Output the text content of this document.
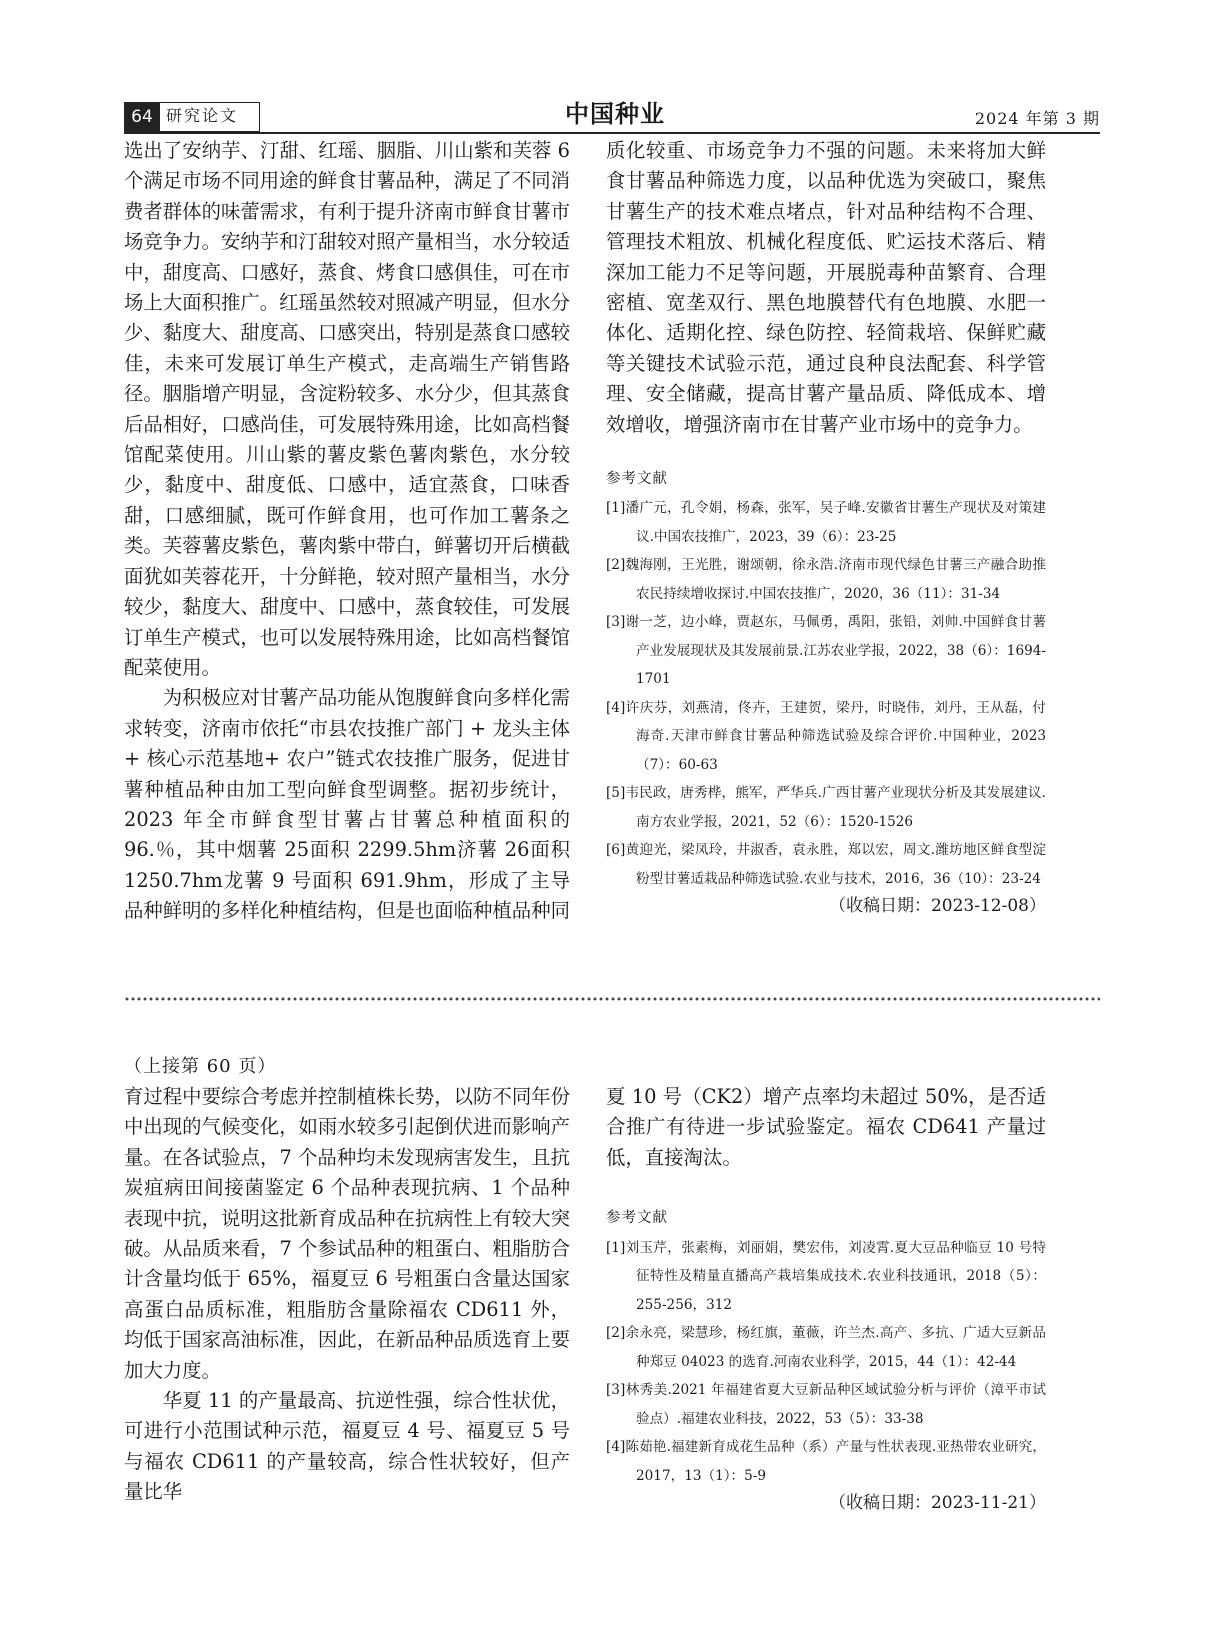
64 研究论文	中国种业	2024 年第 3 期

选出了安纳芋、汀甜、红瑶、胭脂、川山紫和芙蓉 6 个满足市场不同用途的鲜食甘薯品种，满足了不同消费者群体的味蕾需求，有利于提升济南市鲜食甘薯市场竞争力。安纳芋和汀甜较对照产量相当，水分较适中，甜度高、口感好，蒸食、烤食口感俱佳，可在市场上大面积推广。红瑶虽然较对照减产明显，但水分少、黏度大、甜度高、口感突出，特别是蒸食口感较佳，未来可发展订单生产模式，走高端生产销售路径。胭脂增产明显，含淀粉较多、水分少，但其蒸食后品相好，口感尚佳，可发展特殊用途，比如高档餐馆配菜使用。川山紫的薯皮紫色薯肉紫色，水分较少，黏度中、甜度低、口感中，适宜蒸食，口味香甜，口感细腻，既可作鲜食用，也可作加工薯条之类。芙蓉薯皮紫色，薯肉紫中带白，鲜薯切开后横截面犹如芙蓉花开，十分鲜艳，较对照产量相当，水分较少，黏度大、甜度中、口感中，蒸食较佳，可发展订单生产模式，也可以发展特殊用途，比如高档餐馆配菜使用。

为积极应对甘薯产品功能从饱腹鲜食向多样化需求转变，济南市依托“市县农技推广部门 + 龙头主体+ 核心示范基地+ 农户”链式农技推广服务，促进甘薯种植品种由加工型向鲜食型调整。据初步统计，2023 年全市鲜食型甘薯占甘薯总种植面积的 96.％，其中烟薯 25面积 2299.5hm济薯 26面积 1250.7hm龙薯 9 号面积 691.9hm，形成了主导品种鲜明的多样化种植结构，但是也面临种植品种同

质化较重、市场竞争力不强的问题。未来将加大鲜食甘薯品种筛选力度，以品种优选为突破口，聚焦甘薯生产的技术难点堵点，针对品种结构不合理、管理技术粗放、机械化程度低、贮运技术落后、精深加工能力不足等问题，开展脱毒种苗繁育、合理密植、宽垄双行、黑色地膜替代有色地膜、水肥一体化、适期化控、绿色防控、轻简栽培、保鲜贮藏等关键技术试验示范，通过良种良法配套、科学管理、安全储藏，提高甘薯产量品质、降低成本、增效增收，增强济南市在甘薯产业市场中的竞争力。

参考文献

[1]潘广元，孔令娟，杨森，张军，吴子峰.安徽省甘薯生产现状及对策建议.中国农技推广，2023，39（6）：23-25

[2]魏海刚，王光胜，谢颂朝，徐永浩.济南市现代绿色甘薯三产融合助推农民持续增收探讨.中国农技推广，2020，36（11）：31-34

[3]谢一芝，边小峰，贾赵东，马佩勇，禹阳，张铅，刘帅.中国鲜食甘薯产业发展现状及其发展前景.江苏农业学报，2022，38（6）：1694-1701

[4]许庆芬，刘燕清，佟卉，王建贺，梁丹，时晓伟，刘丹，王从磊，付海奇.天津市鲜食甘薯品种筛选试验及综合评价.中国种业，2023（7）：60-63

[5]韦民政，唐秀桦，熊军，严华兵.广西甘薯产业现状分析及其发展建议.南方农业学报，2021，52（6）：1520-1526

[6]黄迎光，梁凤玲，井淑香，袁永胜，郑以宏，周文.潍坊地区鲜食型淀粉型甘薯适栽品种筛选试验.农业与技术，2016，36（10）：23-24

（收稿日期：2023-12-08）

（上接第 60 页）

育过程中要综合考虑并控制植株长势，以防不同年份中出现的气候变化，如雨水较多引起倒伏进而影响产量。在各试验点，7 个品种均未发现病害发生，且抗炭疽病田间接菌鉴定 6 个品种表现抗病、1 个品种表现中抗，说明这批新育成品种在抗病性上有较大突破。从品质来看，7 个参试品种的粗蛋白、粗脂肪合计含量均低于 65%，福夏豆 6 号粗蛋白含量达国家高蛋白品质标准，粗脂肪含量除福农 CD611 外，均低于国家高油标准，因此，在新品种品质选育上要加大力度。

华夏 11 的产量最高、抗逆性强，综合性状优，可进行小范围试种示范，福夏豆 4 号、福夏豆 5 号与福农 CD611 的产量较高，综合性状较好，但产量比华

夏 10 号（CK2）增产点率均未超过 50%，是否适合推广有待进一步试验鉴定。福农 CD641 产量过低，直接淘汰。

参考文献

[1]刘玉芹，张素梅，刘丽娟，樊宏伟，刘凌霄.夏大豆品种临豆 10 号特征特性及精量直播高产栽培集成技术.农业科技通讯，2018（5）：255-256，312

[2]余永亮，梁慧珍，杨红旗，董薇，许兰杰.高产、多抗、广适大豆新品种郑豆 04023 的选育.河南农业科学，2015，44（1）：42-44

[3]林秀美.2021 年福建省夏大豆新品种区域试验分析与评价（漳平市试验点）.福建农业科技，2022，53（5）：33-38

[4]陈茹艳.福建新育成花生品种（系）产量与性状表现.亚热带农业研究，2017，13（1）：5-9

（收稿日期：2023-11-21）
